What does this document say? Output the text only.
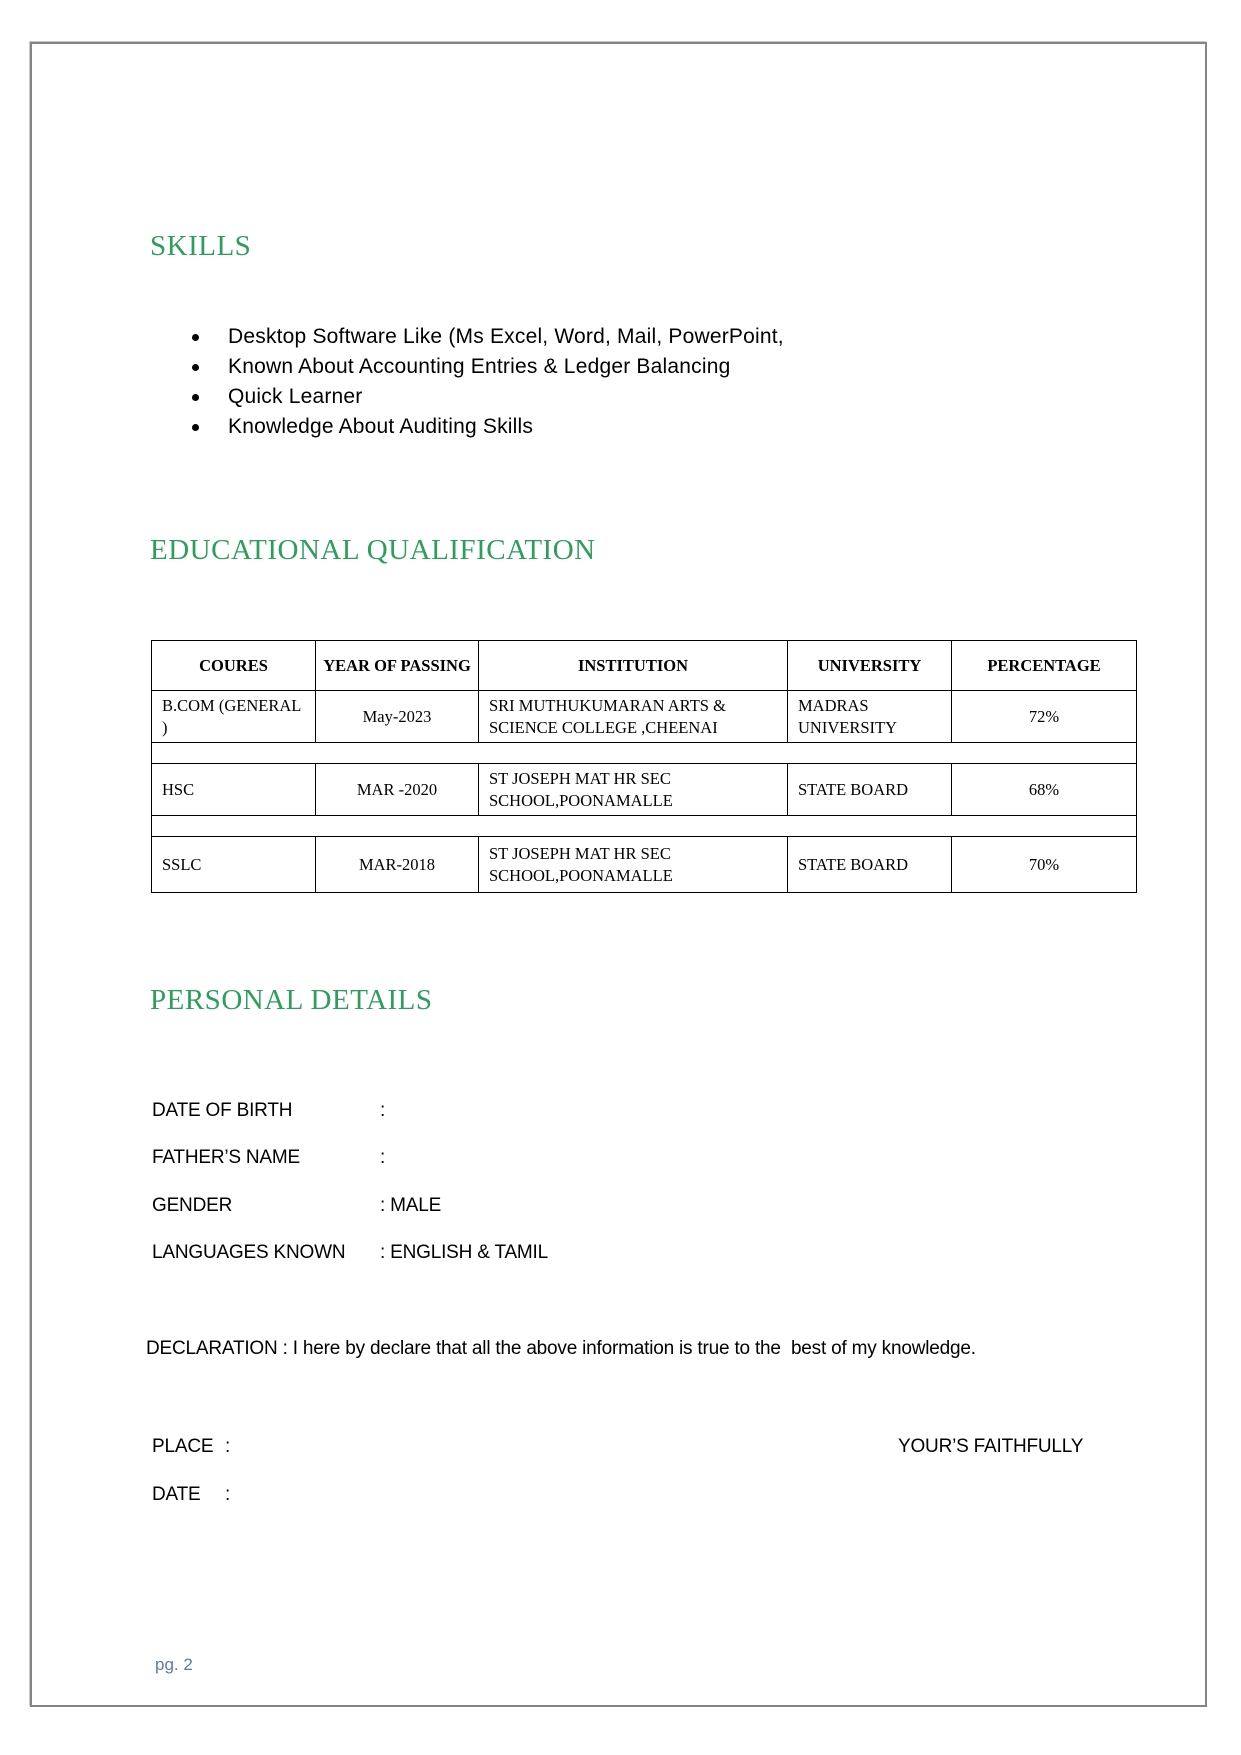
SKILLS
Desktop Software Like (Ms Excel, Word, Mail, PowerPoint,
Known About Accounting Entries & Ledger Balancing
Quick Learner
Knowledge About Auditing Skills
EDUCATIONAL QUALIFICATION
COURES	YEAR OF PASSING	INSTITUTION	UNIVERSITY	PERCENTAGE
B.COM (GENERAL )	May-2023	SRI MUTHUKUMARAN ARTS & SCIENCE COLLEGE ,CHEENAI	MADRAS UNIVERSITY	72%

HSC	MAR -2020	ST JOSEPH MAT HR SEC SCHOOL,POONAMALLE	STATE BOARD	68%

SSLC	MAR-2018	ST JOSEPH MAT HR SEC SCHOOL,POONAMALLE	STATE BOARD	70%
PERSONAL DETAILS
DATE OF BIRTH	:
FATHER’S NAME	:
GENDER	: MALE
LANGUAGES KNOWN	: ENGLISH & TAMIL
DECLARATION : I here by declare that all the above information is true to the  best of my knowledge.
PLACE :	YOUR’S FAITHFULLY
DATE	:
pg. 2
